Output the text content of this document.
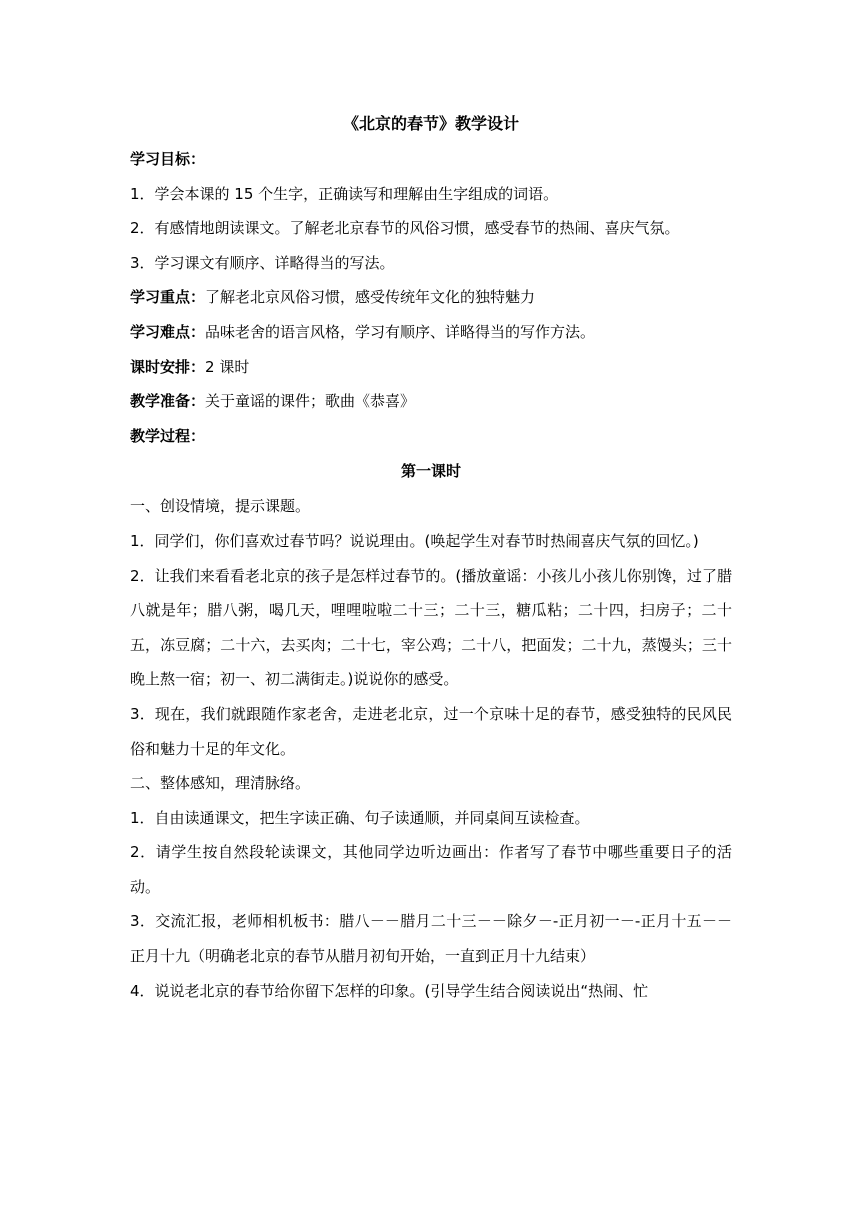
《北京的春节》教学设计

学习目标：

1．学会本课的 15 个生字，正确读写和理解由生字组成的词语。

2．有感情地朗读课文。了解老北京春节的风俗习惯，感受春节的热闹、喜庆气氛。

3．学习课文有顺序、详略得当的写法。

学习重点：了解老北京风俗习惯，感受传统年文化的独特魅力

学习难点：品味老舍的语言风格，学习有顺序、详略得当的写作方法。

课时安排：2 课时

教学准备：关于童谣的课件；歌曲《恭喜》

教学过程：

第一课时

一、创设情境，提示课题。

1．同学们，你们喜欢过春节吗？说说理由。(唤起学生对春节时热闹喜庆气氛的回忆。)

2．让我们来看看老北京的孩子是怎样过春节的。(播放童谣：小孩儿小孩儿你别馋，过了腊八就是年；腊八粥，喝几天，哩哩啦啦二十三；二十三，糖瓜粘；二十四，扫房子；二十五，冻豆腐；二十六，去买肉；二十七，宰公鸡；二十八，把面发；二十九，蒸馒头；三十晚上熬一宿；初一、初二满街走。)说说你的感受。

3．现在，我们就跟随作家老舍，走进老北京，过一个京味十足的春节，感受独特的民风民俗和魅力十足的年文化。

二、整体感知，理清脉络。

1．自由读通课文，把生字读正确、句子读通顺，并同桌间互读检查。

2．请学生按自然段轮读课文，其他同学边听边画出：作者写了春节中哪些重要日子的活动。

3．交流汇报，老师相机板书：腊八－－腊月二十三－－除夕－-正月初一－-正月十五－－正月十九（明确老北京的春节从腊月初旬开始，一直到正月十九结束）

4．说说老北京的春节给你留下怎样的印象。(引导学生结合阅读说出“热闹、忙
